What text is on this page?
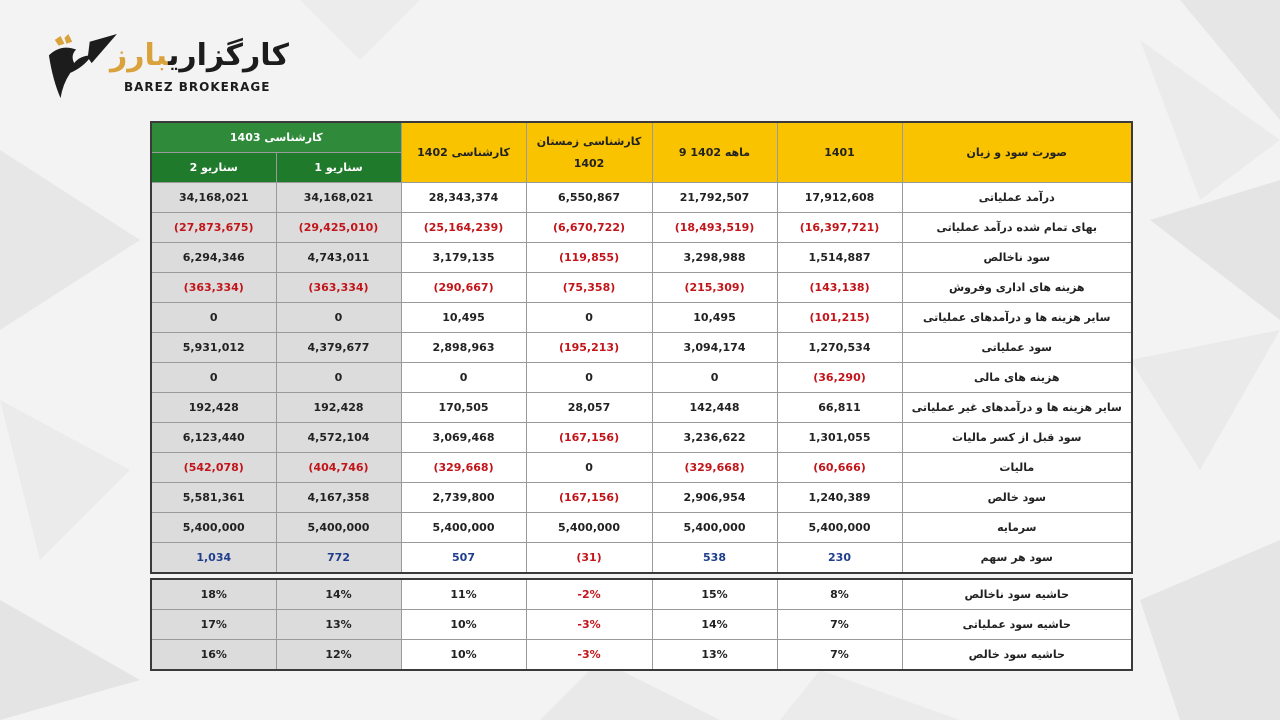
کارگزاریبارز
BAREZ BROKERAGE
کارشناسی 1403		کارشناسی 1402	کارشناسی زمستان 1402	9 ماهه 1402	1401	صورت سود و زیان
سناریو 2	سناریو 1					
34,168,021	34,168,021	28,343,374	6,550,867	21,792,507	17,912,608	درآمد عملیاتی
(27,873,675)	(29,425,010)	(25,164,239)	(6,670,722)	(18,493,519)	(16,397,721)	بهای تمام شده درآمد عملیاتی
6,294,346	4,743,011	3,179,135	(119,855)	3,298,988	1,514,887	سود ناخالص
(363,334)	(363,334)	(290,667)	(75,358)	(215,309)	(143,138)	هزینه های اداری وفروش
0	0	10,495	0	10,495	(101,215)	سایر هزینه ها و درآمدهای عملیاتی
5,931,012	4,379,677	2,898,963	(195,213)	3,094,174	1,270,534	سود عملیاتی
0	0	0	0	0	(36,290)	هزینه های مالی
192,428	192,428	170,505	28,057	142,448	66,811	سایر هزینه ها و درآمدهای غیر عملیاتی
6,123,440	4,572,104	3,069,468	(167,156)	3,236,622	1,301,055	سود قبل از کسر مالیات
(542,078)	(404,746)	(329,668)	0	(329,668)	(60,666)	مالیات
5,581,361	4,167,358	2,739,800	(167,156)	2,906,954	1,240,389	سود خالص
5,400,000	5,400,000	5,400,000	5,400,000	5,400,000	5,400,000	سرمایه
1,034	772	507	(31)	538	230	سود هر سهم
18%	14%	11%	-2%	15%	8%	حاشیه سود ناخالص
17%	13%	10%	-3%	14%	7%	حاشیه سود عملیاتی
16%	12%	10%	-3%	13%	7%	حاشیه سود خالص
